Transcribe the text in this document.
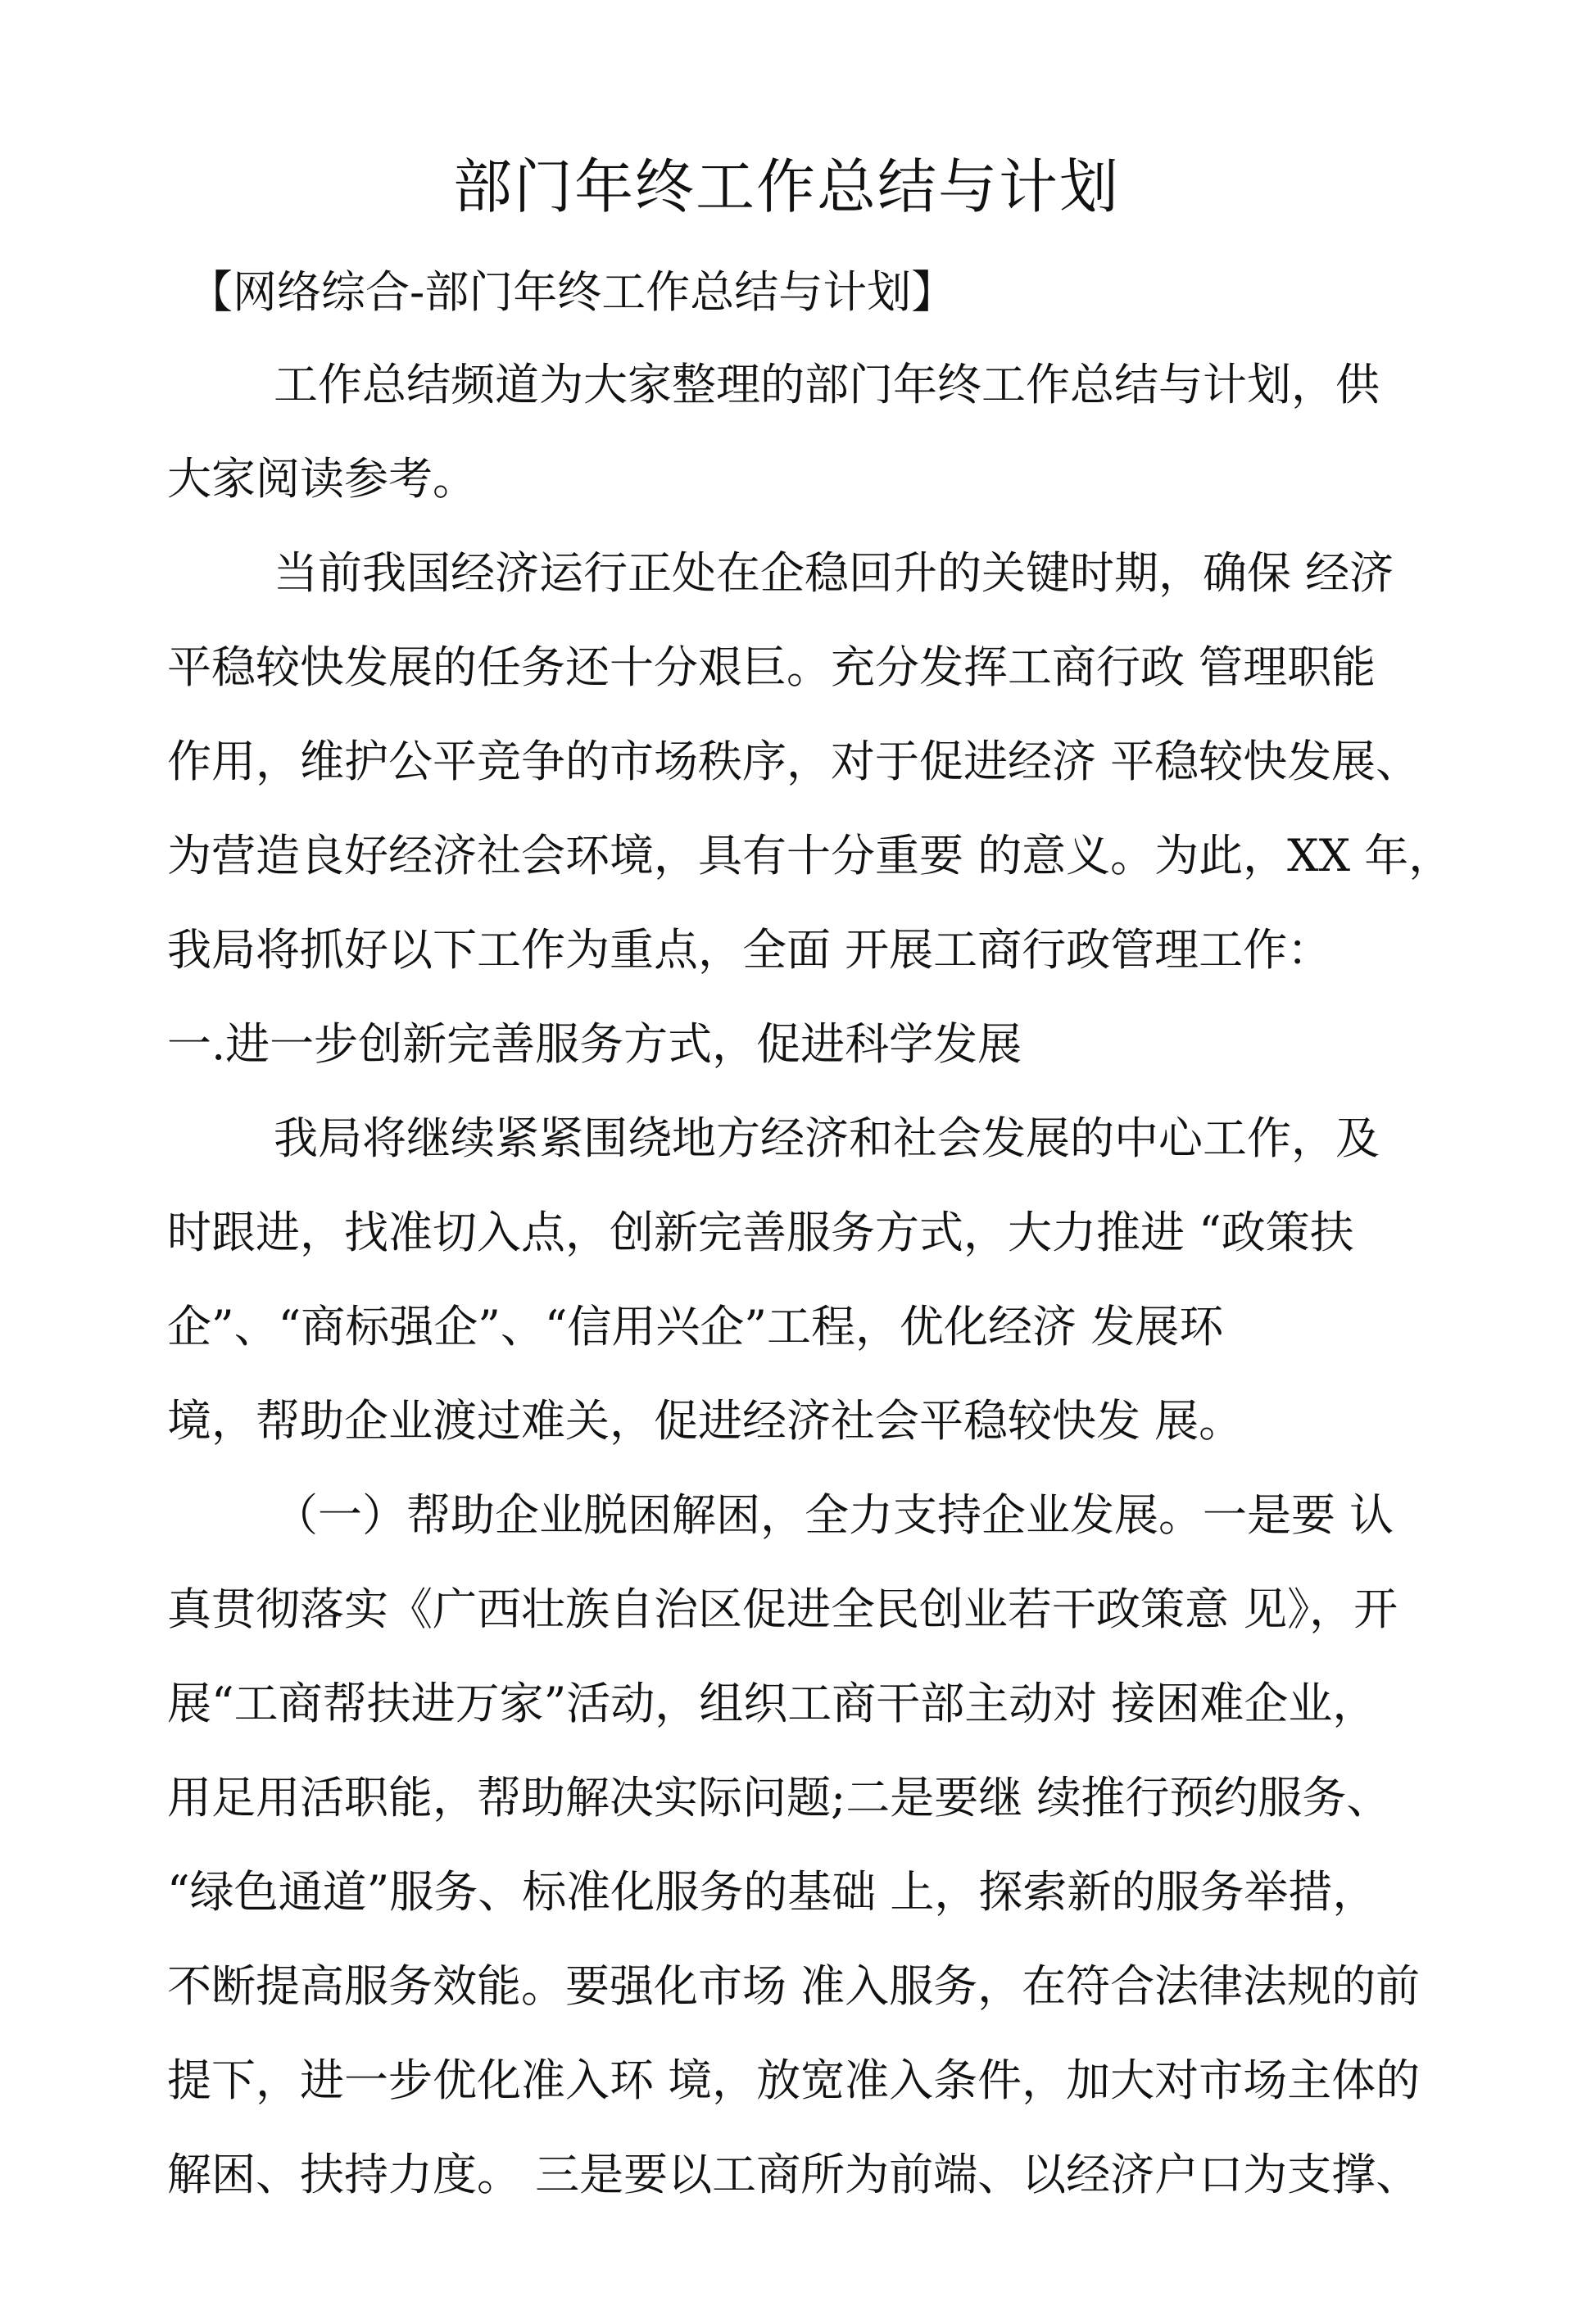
部门年终工作总结与计划
【网络综合-部门年终工作总结与计划】
工作总结频道为大家整理的部门年终工作总结与计划，供
大家阅读参考。
当前我国经济运行正处在企稳回升的关键时期，确保 经济
平稳较快发展的任务还十分艰巨。充分发挥工商行政 管理职能
作用，维护公平竞争的市场秩序，对于促进经济 平稳较快发展、
为营造良好经济社会环境，具有十分重要 的意义。为此，XX 年，
我局将抓好以下工作为重点，全面 开展工商行政管理工作：
一.进一步创新完善服务方式，促进科学发展
我局将继续紧紧围绕地方经济和社会发展的中心工作，及
时跟进，找准切入点，创新完善服务方式，大力推进 “政策扶
企”、“商标强企”、“信用兴企”工程，优化经济 发展环
境，帮助企业渡过难关，促进经济社会平稳较快发 展。
（一）帮助企业脱困解困，全力支持企业发展。一是要 认
真贯彻落实《广西壮族自治区促进全民创业若干政策意 见》，开
展“工商帮扶进万家”活动，组织工商干部主动对 接困难企业，
用足用活职能，帮助解决实际问题;二是要继 续推行预约服务、
“绿色通道”服务、标准化服务的基础 上，探索新的服务举措，
不断提高服务效能。要强化市场 准入服务，在符合法律法规的前
提下，进一步优化准入环 境，放宽准入条件，加大对市场主体的
解困、扶持力度。 三是要以工商所为前端、以经济户口为支撑、
